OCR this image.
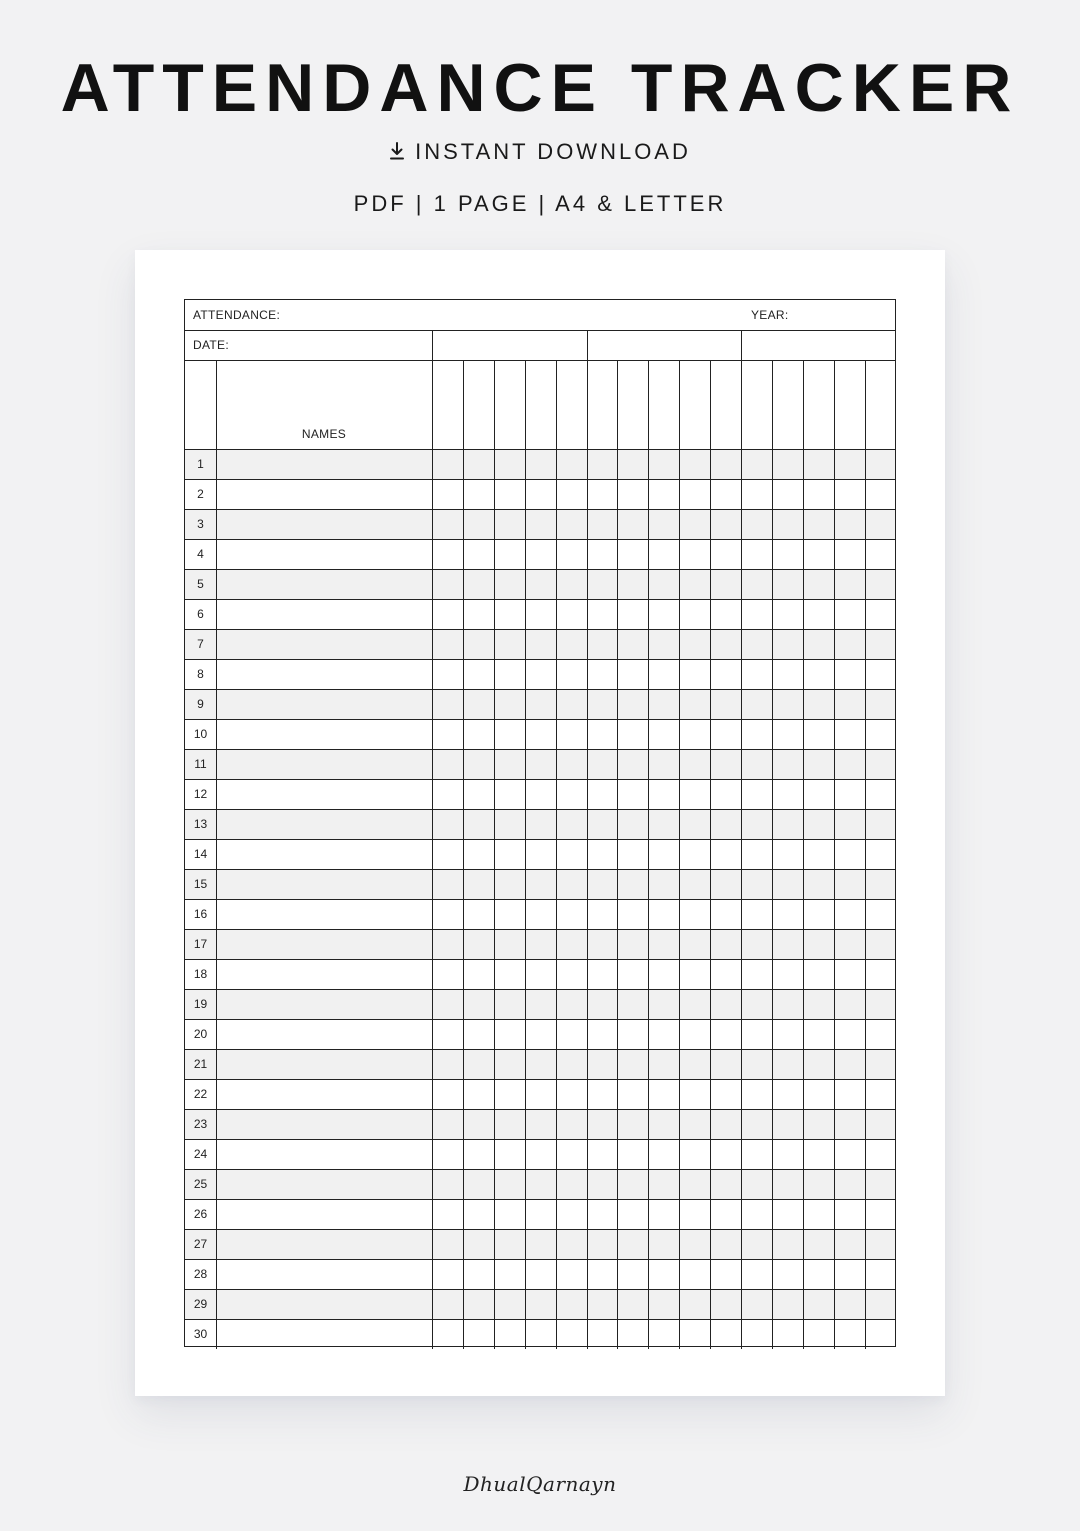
ATTENDANCE TRACKER
INSTANT DOWNLOAD
PDF | 1 PAGE | A4 & LETTER
ATTENDANCE:	YEAR:
DATE:
NAMES
1
2
3
4
5
6
7
8
9
10
11
12
13
14
15
16
17
18
19
20
21
22
23
24
25
26
27
28
29
30
DhualQarnayn
